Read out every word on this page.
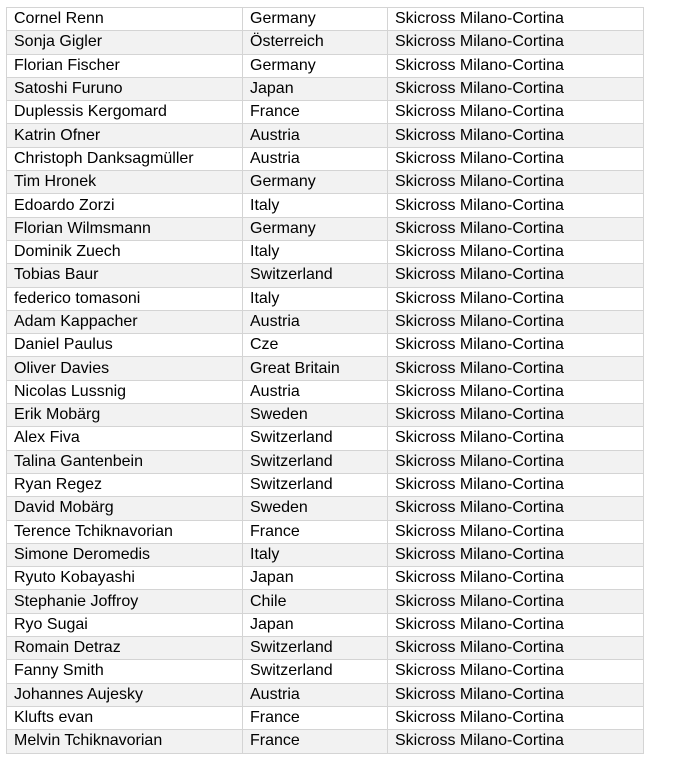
Cornel Renn	Germany	Skicross Milano-Cortina
Sonja Gigler	Österreich	Skicross Milano-Cortina
Florian Fischer	Germany	Skicross Milano-Cortina
Satoshi Furuno	Japan	Skicross Milano-Cortina
Duplessis Kergomard	France	Skicross Milano-Cortina
Katrin Ofner	Austria	Skicross Milano-Cortina
Christoph Danksagmüller	Austria	Skicross Milano-Cortina
Tim Hronek	Germany	Skicross Milano-Cortina
Edoardo Zorzi	Italy	Skicross Milano-Cortina
Florian Wilmsmann	Germany	Skicross Milano-Cortina
Dominik Zuech	Italy	Skicross Milano-Cortina
Tobias Baur	Switzerland	Skicross Milano-Cortina
federico tomasoni	Italy	Skicross Milano-Cortina
Adam Kappacher	Austria	Skicross Milano-Cortina
Daniel Paulus	Cze	Skicross Milano-Cortina
Oliver Davies	Great Britain	Skicross Milano-Cortina
Nicolas Lussnig	Austria	Skicross Milano-Cortina
Erik Mobärg	Sweden	Skicross Milano-Cortina
Alex Fiva	Switzerland	Skicross Milano-Cortina
Talina Gantenbein	Switzerland	Skicross Milano-Cortina
Ryan Regez	Switzerland	Skicross Milano-Cortina
David Mobärg	Sweden	Skicross Milano-Cortina
Terence Tchiknavorian	France	Skicross Milano-Cortina
Simone Deromedis	Italy	Skicross Milano-Cortina
Ryuto Kobayashi	Japan	Skicross Milano-Cortina
Stephanie Joffroy	Chile	Skicross Milano-Cortina
Ryo Sugai	Japan	Skicross Milano-Cortina
Romain Detraz	Switzerland	Skicross Milano-Cortina
Fanny Smith	Switzerland	Skicross Milano-Cortina
Johannes Aujesky	Austria	Skicross Milano-Cortina
Klufts evan	France	Skicross Milano-Cortina
Melvin Tchiknavorian	France	Skicross Milano-Cortina
